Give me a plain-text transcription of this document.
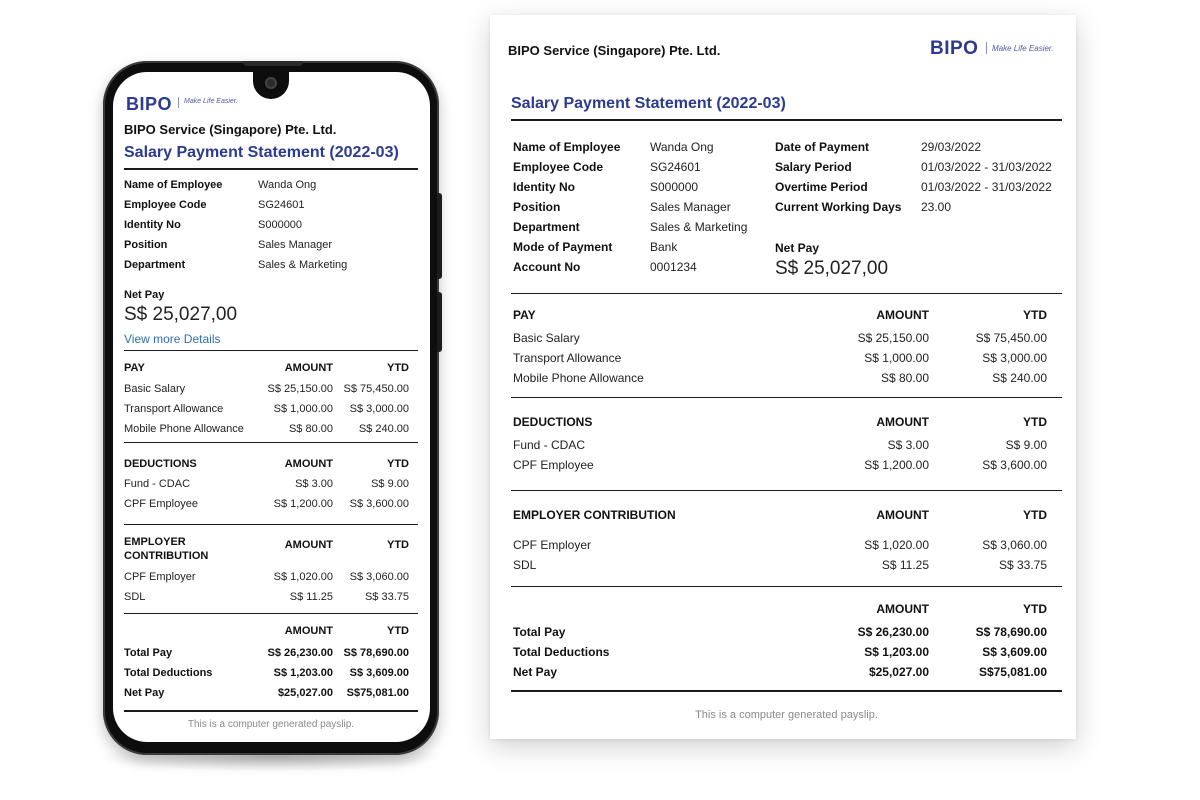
BIPO Make Life Easier.
BIPO Service (Singapore) Pte. Ltd.
Salary Payment Statement (2022-03)
Name of Employee	Wanda Ong
Employee Code	SG24601
Identity No	S000000
Position	Sales Manager
Department	Sales & Marketing
Net Pay
S$ 25,027,00
View more Details
PAY	AMOUNT	YTD
Basic Salary	S$ 25,150.00 S$ 75,450.00
Transport Allowance	S$ 1,000.00	S$ 3,000.00
Mobile Phone Allowance	S$ 80.00	S$ 240.00
DEDUCTIONS	AMOUNT	YTD
Fund - CDAC	S$ 3.00	S$ 9.00
CPF Employee	S$ 1,200.00	S$ 3,600.00
EMPLOYER
CONTRIBUTION
AMOUNT	YTD
CPF Employer	S$ 1,020.00	S$ 3,060.00
SDL	S$ 11.25	S$ 33.75
AMOUNT	YTD
Total Pay	S$ 26,230.00 S$ 78,690.00
Total Deductions	S$ 1,203.00	S$ 3,609.00
Net Pay	$25,027.00	S$75,081.00
This is a computer generated payslip.
BIPO Service (Singapore) Pte. Ltd.	BIPO Make Life Easier.
Salary Payment Statement (2022-03)
Name of Employee Wanda Ong
Employee Code	SG24601
Identity No	S000000
Position	Sales Manager
Department	Sales & Marketing
Mode of Payment	Bank
Account No	0001234
Date of Payment	29/03/2022
Salary Period	01/03/2022 - 31/03/2022
Overtime Period	01/03/2022 - 31/03/2022
Current Working Days 23.00
Net Pay
S$ 25,027,00
PAY	AMOUNT	YTD
Basic Salary	S$ 25,150.00	S$ 75,450.00
Transport Allowance	S$ 1,000.00	S$ 3,000.00
Mobile Phone Allowance	S$ 80.00	S$ 240.00
DEDUCTIONS	AMOUNT	YTD
Fund - CDAC	S$ 3.00	S$ 9.00
CPF Employee	S$ 1,200.00	S$ 3,600.00
EMPLOYER CONTRIBUTION	AMOUNT	YTD
CPF Employer	S$ 1,020.00	S$ 3,060.00
SDL	S$ 11.25	S$ 33.75
AMOUNT	YTD
Total Pay	S$ 26,230.00	S$ 78,690.00
Total Deductions	S$ 1,203.00	S$ 3,609.00
Net Pay	$25,027.00	S$75,081.00
This is a computer generated payslip.
